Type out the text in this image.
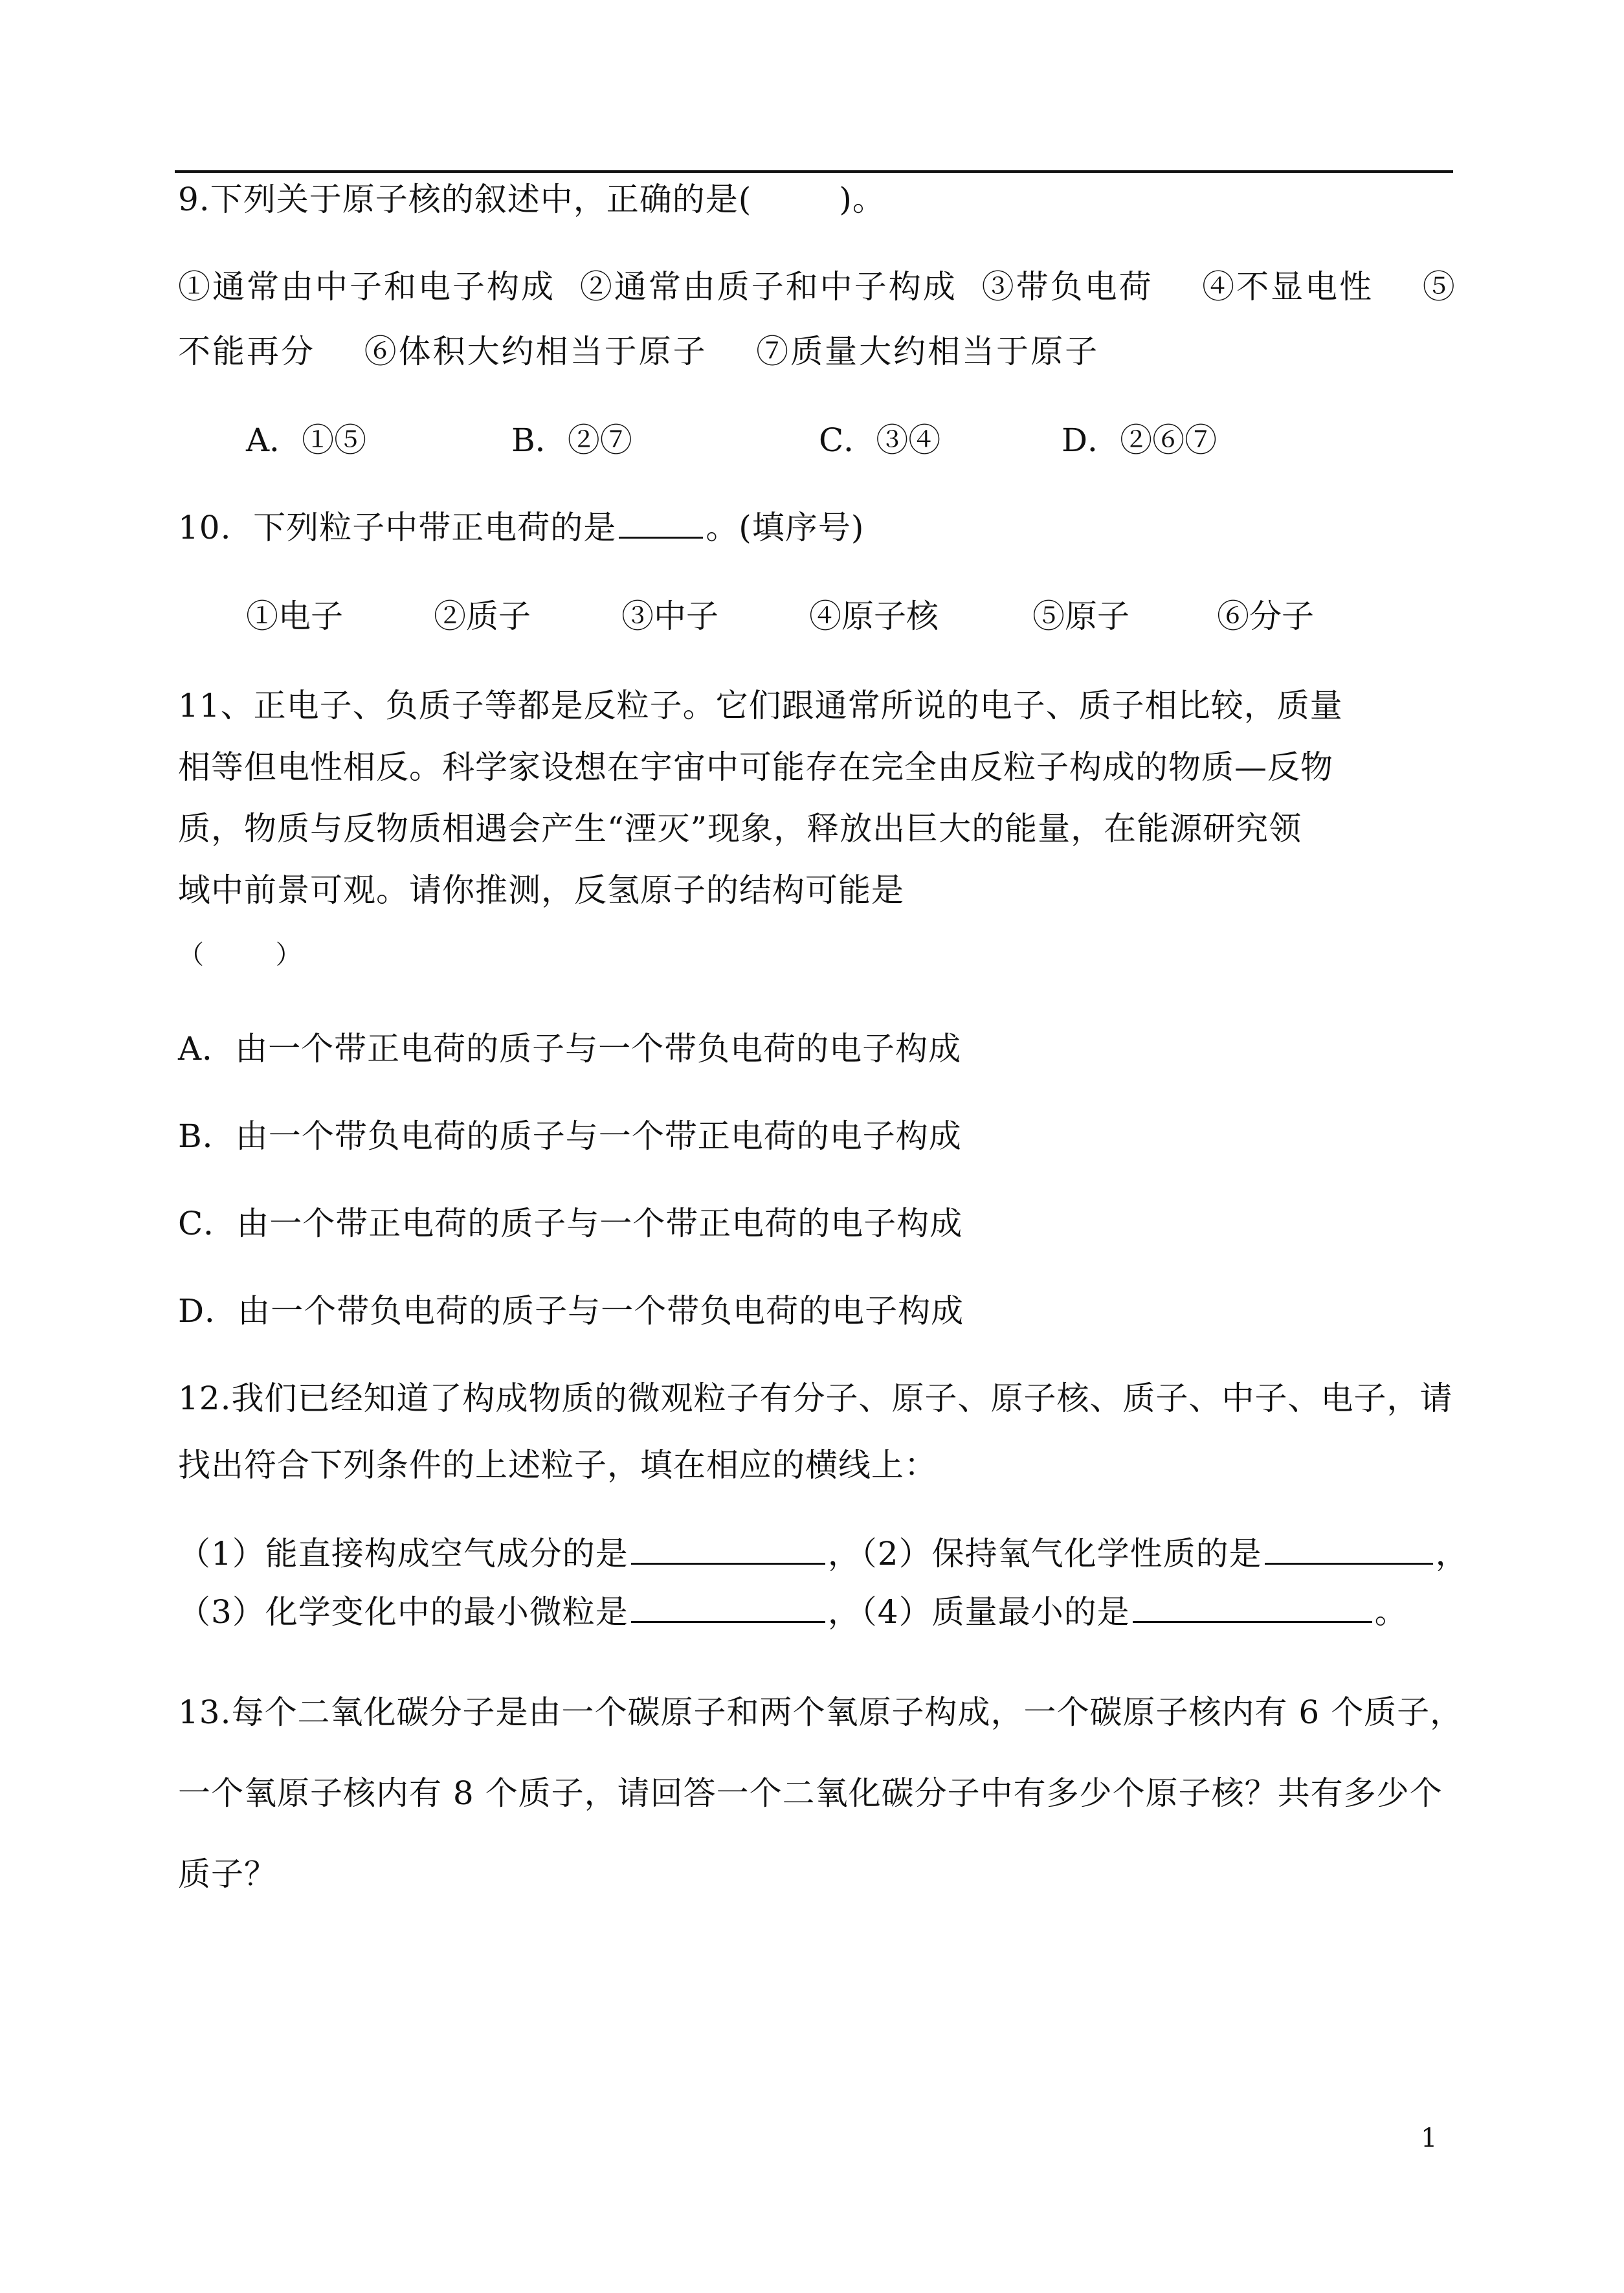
9.下列关于原子核的叙述中，正确的是(        )。
①通常由中子和电子构成  ②通常由质子和中子构成  ③带负电荷    ④不显电性    ⑤
不能再分    ⑥体积大约相当于原子    ⑦质量大约相当于原子
A．①⑤	B．②⑦	C．③④	D．②⑥⑦
10.  下列粒子中带正电荷的是	。(填序号)
①电子	②质子	③中子	④原子核	⑤原子	⑥分子
11、正电子、负质子等都是反粒子。它们跟通常所说的电子、质子相比较，质量
相等但电性相反。科学家设想在宇宙中可能存在完全由反粒子构成的物质—反物
质，物质与反物质相遇会产生“湮灭”现象，释放出巨大的能量，在能源研究领
域中前景可观。请你推测，反氢原子的结构可能是
（        ）
A．由一个带正电荷的质子与一个带负电荷的电子构成
B．由一个带负电荷的质子与一个带正电荷的电子构成
C．由一个带正电荷的质子与一个带正电荷的电子构成
D．由一个带负电荷的质子与一个带负电荷的电子构成
12.我们已经知道了构成物质的微观粒子有分子、原子、原子核、质子、中子、电子，请
找出符合下列条件的上述粒子，填在相应的横线上：
（1）能直接构成空气成分的是	，（2）保持氧气化学性质的是	，
（3）化学变化中的最小微粒是	，（4）质量最小的是	。
13.每个二氧化碳分子是由一个碳原子和两个氧原子构成，一个碳原子核内有 6 个质子，
一个氧原子核内有 8 个质子，请回答一个二氧化碳分子中有多少个原子核？共有多少个
质子？
1
